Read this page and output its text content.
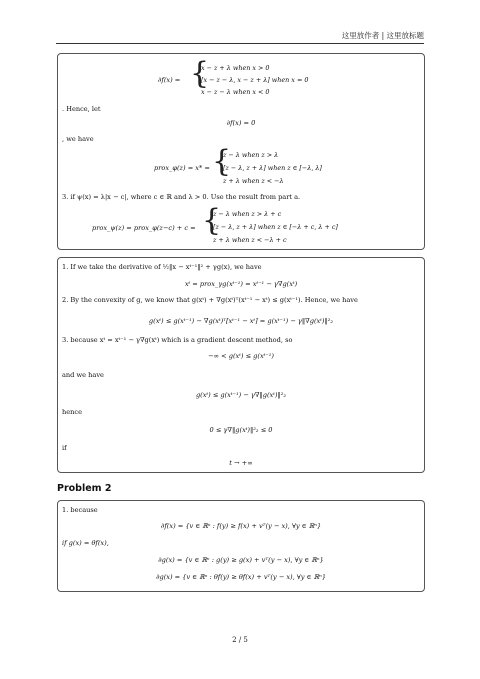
这里放作者 | 这里放标题
∂f(x) = {
x − z + λ when x > 0
[x − z − λ, x − z + λ] when x = 0
x − z − λ when x < 0
. Hence, let
∂f(x) = 0
, we have
prox_φ(z) = x* = {
z − λ when z > λ
[z − λ, z + λ] when z ∈ [−λ, λ]
z + λ when z < −λ
3. if ψ(x) = λ|x − c|, where c ∈ ℝ and λ > 0. Use the result from part a.
prox_ψ(z) = prox_φ(z−c) + c = {
z − λ when z > λ + c
[z − λ, z + λ] when z ∈ [−λ + c, λ + c]
z + λ when z < −λ + c
1. If we take the derivative of ½‖x − xᵗ⁻¹‖² + γg(x), we have
xᵗ = prox_γg(xᵗ⁻¹) = xᵗ⁻¹ − γ∇g(xᵗ)
2. By the convexity of g, we know that g(xᵗ) + ∇g(xᵗ)ᵀ(xᵗ⁻¹ − xᵗ) ≤ g(xᵗ⁻¹). Hence, we have
g(xᵗ) ≤ g(xᵗ⁻¹) − ∇g(xᵗ)ᵀ[xᵗ⁻¹ − xᵗ] = g(xᵗ⁻¹) − γ‖∇g(xᵗ)‖²₂
3. because xᵗ = xᵗ⁻¹ − γ∇g(xᵗ) which is a gradient descent method, so
−∞ < g(xᵗ) ≤ g(xᵗ⁻¹)
and we have
g(xᵗ) ≤ g(xᵗ⁻¹) − γ∇‖g(xᵗ)‖²₂
hence
0 ≤ γ∇‖g(xᵗ)‖²₂ ≤ 0
if
t → +∞
Problem 2
1. because
∂f(x) = {v ∈ ℝⁿ : f(y) ≥ f(x) + vᵀ(y − x), ∀y ∈ ℝⁿ}
if g(x) = θf(x),
∂g(x) = {v ∈ ℝⁿ : g(y) ≥ g(x) + vᵀ(y − x), ∀y ∈ ℝⁿ}
∂g(x) = {v ∈ ℝⁿ : θf(y) ≥ θf(x) + vᵀ(y − x), ∀y ∈ ℝⁿ}
2 / 5
